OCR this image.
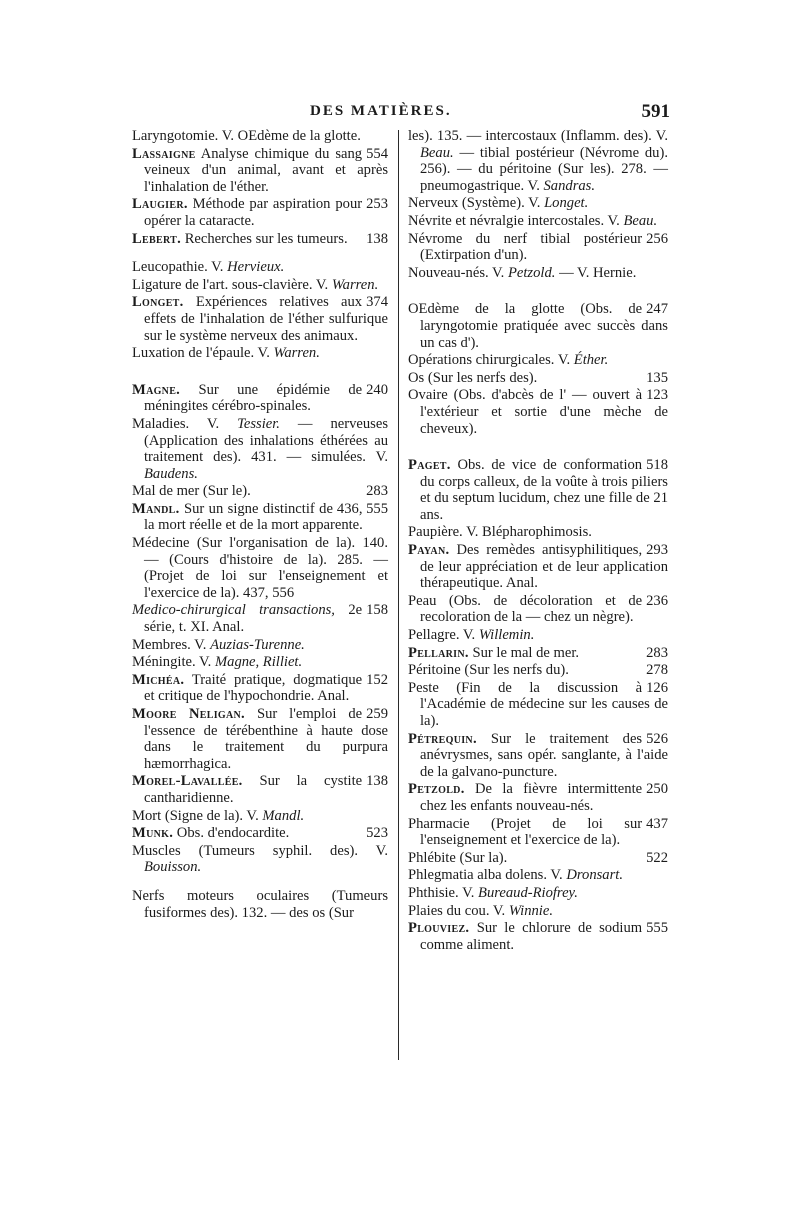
DES MATIÈRES.	591
Laryngotomie. V. OEdème de la glotte.
554
Lassaigne Analyse chimique du sang veineux d'un animal, avant et après l'inhalation de l'éther.
253
Laugier. Méthode par aspiration pour opérer la cataracte.
138
Lebert. Recherches sur les tumeurs.
Leucopathie. V. Hervieux.
Ligature de l'art. sous-clavière. V. Warren.
374
Longet. Expériences relatives aux effets de l'inhalation de l'éther sulfurique sur le système nerveux des animaux.
Luxation de l'épaule. V. Warren.
240
Magne. Sur une épidémie de méningites cérébro-spinales.
Maladies. V. Tessier. — nerveuses (Application des inhalations éthérées au traitement des). 431. — simulées. V. Baudens.
283
Mal de mer (Sur le).
436, 555
Mandl. Sur un signe distinctif de la mort réelle et de la mort apparente.
Médecine (Sur l'organisation de la). 140. — (Cours d'histoire de la). 285. — (Projet de loi sur l'enseignement et l'exercice de la). 437, 556
158
Medico-chirurgical transactions, 2e série, t. XI. Anal.
Membres. V. Auzias-Turenne.
Méningite. V. Magne, Rilliet.
152
Michéa. Traité pratique, dogmatique et critique de l'hypochondrie. Anal.
259
Moore Neligan. Sur l'emploi de l'essence de térébenthine à haute dose dans le traitement du purpura hæmorrhagica.
138
Morel-Lavallée. Sur la cystite cantharidienne.
Mort (Signe de la). V. Mandl.
523
Munk. Obs. d'endocardite.
Muscles (Tumeurs syphil. des). V. Bouisson.
Nerfs moteurs oculaires (Tumeurs fusiformes des). 132. — des os (Sur
les). 135. — intercostaux (Inflamm. des). V. Beau. — tibial postérieur (Névrome du). 256). — du péritoine (Sur les). 278. — pneumogastrique. V. Sandras.
Nerveux (Système). V. Longet.
Névrite et névralgie intercostales. V. Beau.
256
Névrome du nerf tibial postérieur (Extirpation d'un).
Nouveau-nés. V. Petzold. — V. Hernie.
247
OEdème de la glotte (Obs. de laryngotomie pratiquée avec succès dans un cas d').
Opérations chirurgicales. V. Éther.
135
Os (Sur les nerfs des).
123
Ovaire (Obs. d'abcès de l' — ouvert à l'extérieur et sortie d'une mèche de cheveux).
518
Paget. Obs. de vice de conformation du corps calleux, de la voûte à trois piliers et du septum lucidum, chez une fille de 21 ans.
Paupière. V. Blépharophimosis.
293
Payan. Des remèdes antisyphilitiques, de leur appréciation et de leur application thérapeutique. Anal.
236
Peau (Obs. de décoloration et de recoloration de la — chez un nègre).
Pellagre. V. Willemin.
283
Pellarin. Sur le mal de mer.
278
Péritoine (Sur les nerfs du).
126
Peste (Fin de la discussion à l'Académie de médecine sur les causes de la).
526
Pétrequin. Sur le traitement des anévrysmes, sans opér. sanglante, à l'aide de la galvano-puncture.
250
Petzold. De la fièvre intermittente chez les enfants nouveau-nés.
437
Pharmacie (Projet de loi sur l'enseignement et l'exercice de la).
522
Phlébite (Sur la).
Phlegmatia alba dolens. V. Dronsart.
Phthisie. V. Bureaud-Riofrey.
Plaies du cou. V. Winnie.
555
Plouviez. Sur le chlorure de sodium comme aliment.
